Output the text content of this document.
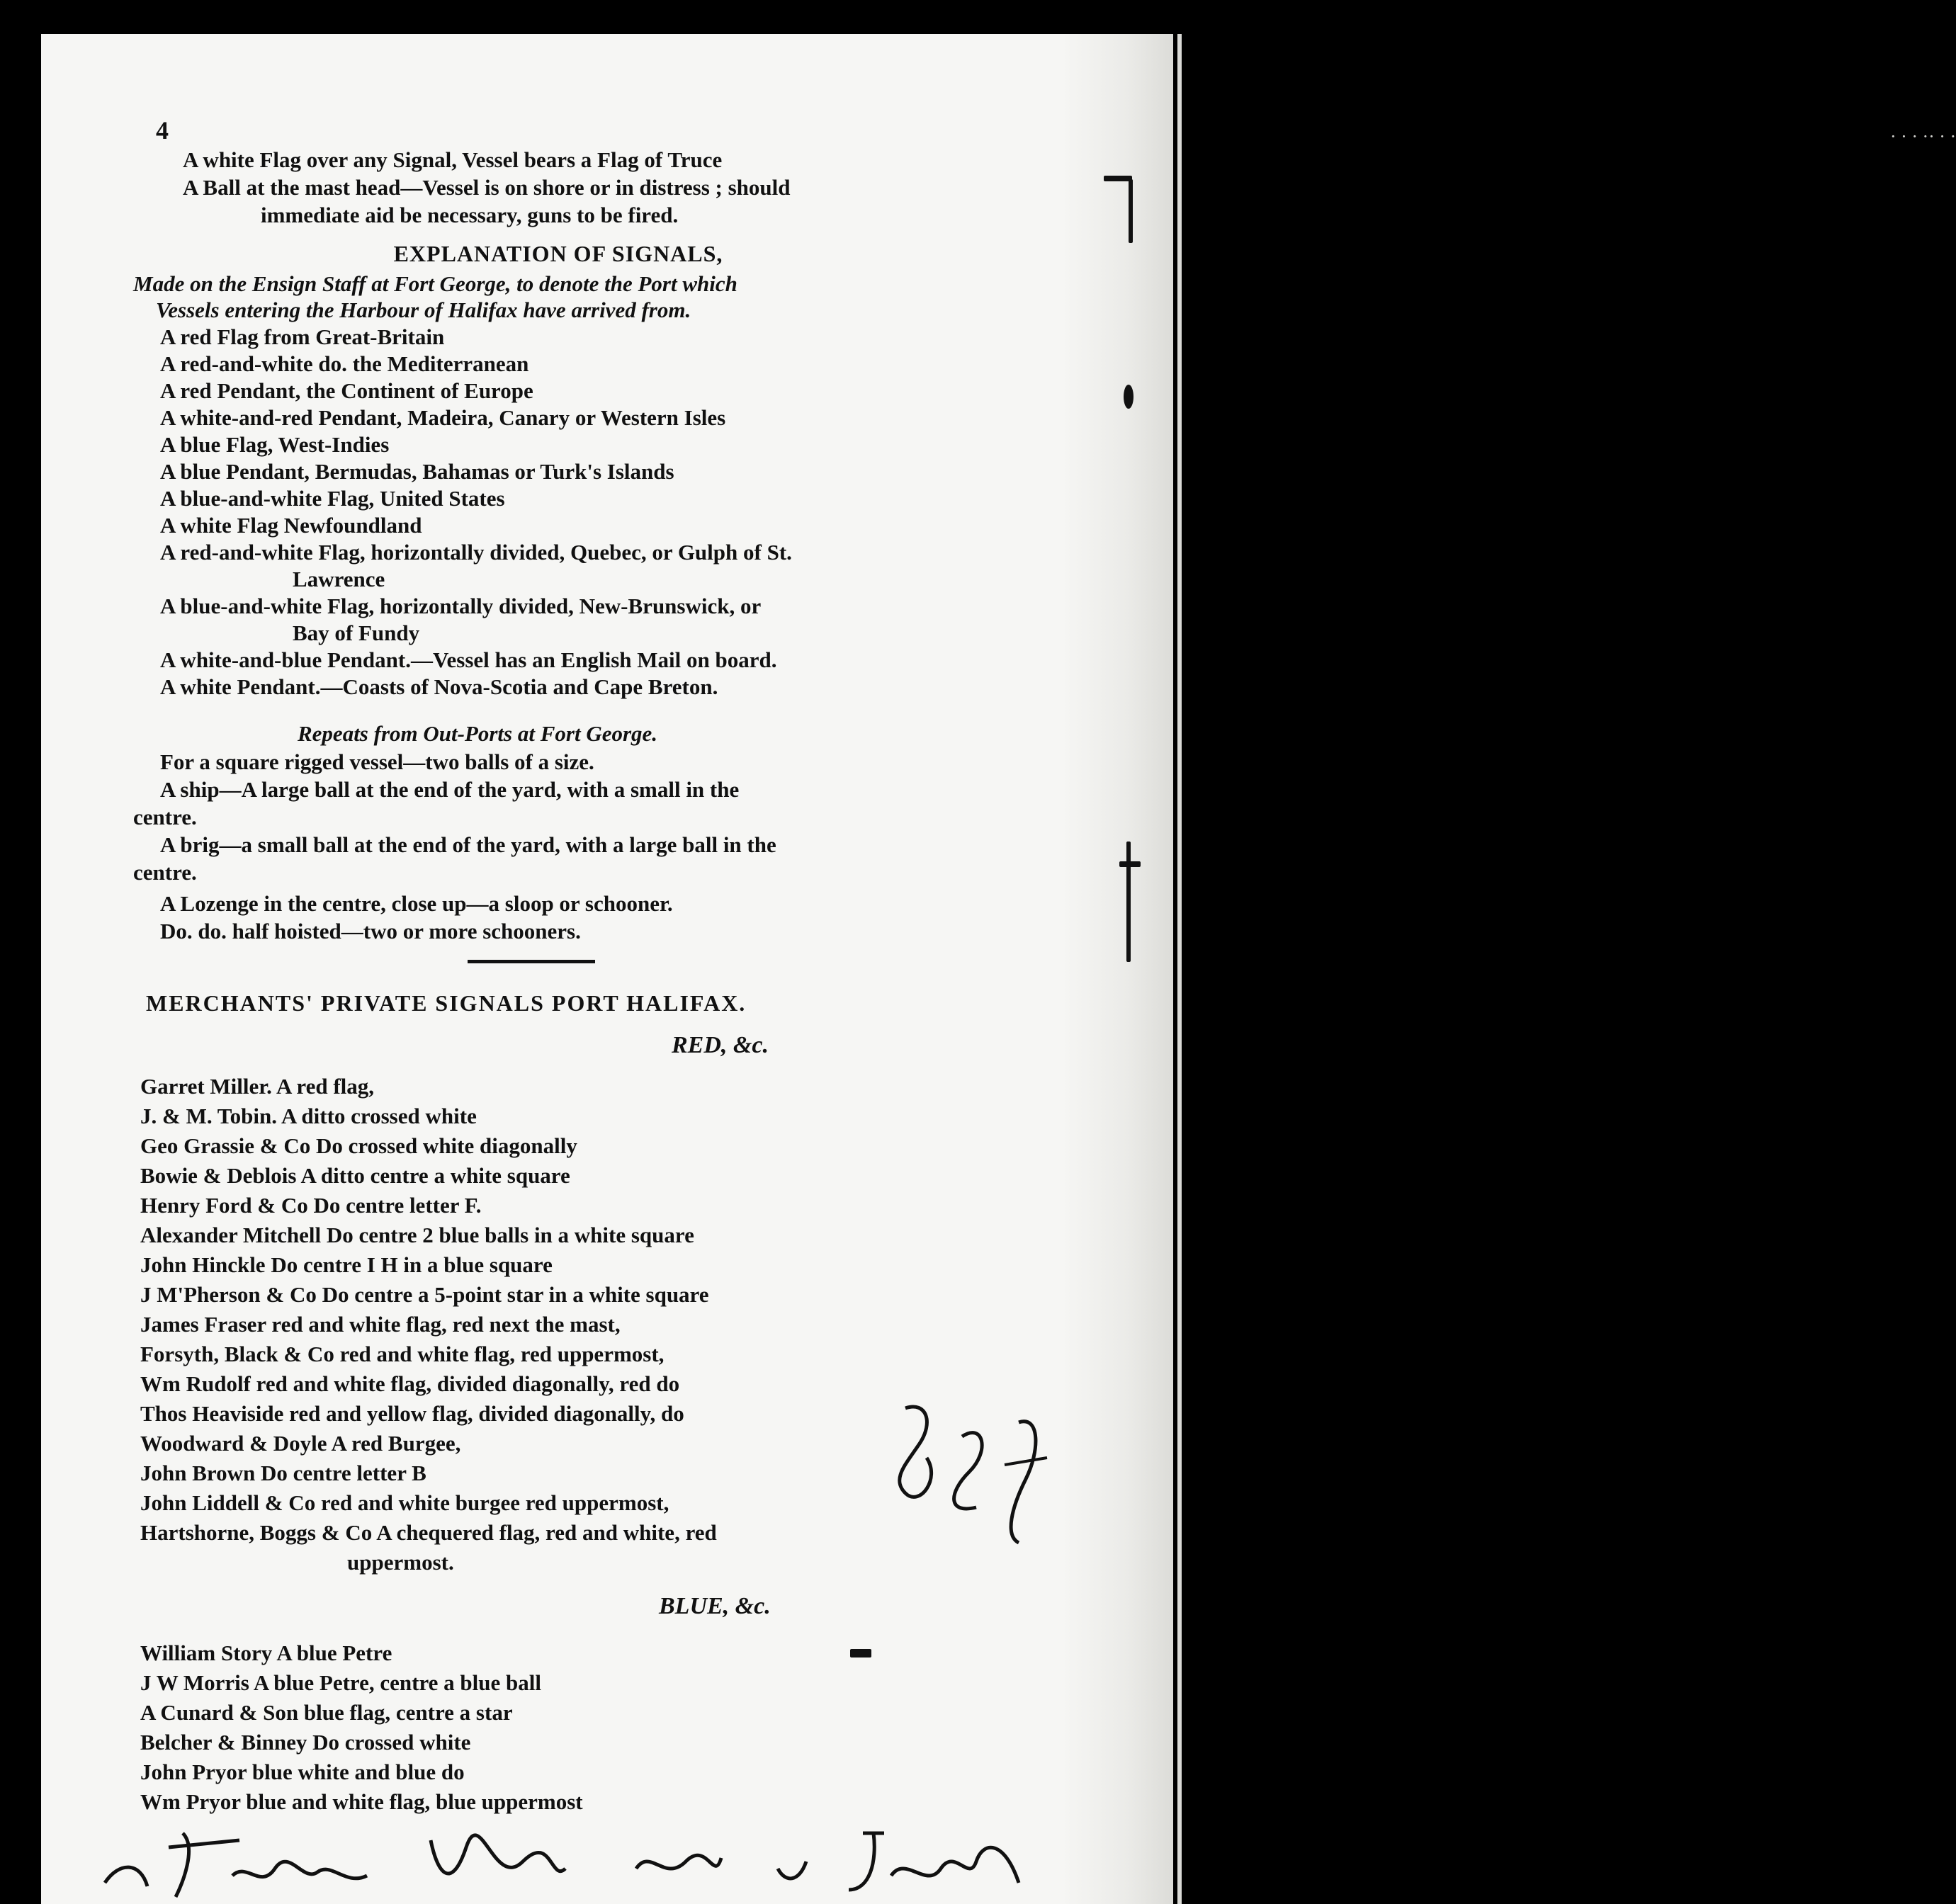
· · · ·· · ·
4
A white Flag over any Signal, Vessel bears a Flag of Truce
A Ball at the mast head—Vessel is on shore or in distress ; should
immediate aid be necessary, guns to be fired.
EXPLANATION OF SIGNALS,
Made on the Ensign Staff at Fort George, to denote the Port which
Vessels entering the Harbour of Halifax have arrived from.
A red Flag from Great-Britain
A red-and-white do. the Mediterranean
A red Pendant, the Continent of Europe
A white-and-red Pendant, Madeira, Canary or Western Isles
A blue Flag, West-Indies
A blue Pendant, Bermudas, Bahamas or Turk's Islands
A blue-and-white Flag, United States
A white Flag Newfoundland
A red-and-white Flag, horizontally divided, Quebec, or Gulph of St.
Lawrence
A blue-and-white Flag, horizontally divided, New-Brunswick, or
Bay of Fundy
A white-and-blue Pendant.—Vessel has an English Mail on board.
A white Pendant.—Coasts of Nova-Scotia and Cape Breton.
Repeats from Out-Ports at Fort George.
For a square rigged vessel—two balls of a size.
A ship—A large ball at the end of the yard, with a small in the
centre.
A brig—a small ball at the end of the yard, with a large ball in the
centre.
A Lozenge in the centre, close up—a sloop or schooner.
Do. do. half hoisted—two or more schooners.
MERCHANTS' PRIVATE SIGNALS PORT HALIFAX.
RED, &c.
Garret Miller. A red flag,
J. & M. Tobin. A ditto crossed white
Geo Grassie & Co Do crossed white diagonally
Bowie & Deblois A ditto centre a white square
Henry Ford & Co Do centre letter F.
Alexander Mitchell Do centre 2 blue balls in a white square
John Hinckle Do centre I H in a blue square
J M'Pherson & Co Do centre a 5-point star in a white square
James Fraser red and white flag, red next the mast,
Forsyth, Black & Co red and white flag, red uppermost,
Wm Rudolf red and white flag, divided diagonally, red do
Thos Heaviside red and yellow flag, divided diagonally, do
Woodward & Doyle A red Burgee,
John Brown Do centre letter B
John Liddell & Co red and white burgee red uppermost,
Hartshorne, Boggs & Co A chequered flag, red and white, red
uppermost.
BLUE, &c.
William Story A blue Petre
J W Morris A blue Petre, centre a blue ball
A Cunard & Son blue flag, centre a star
Belcher & Binney Do crossed white
John Pryor blue white and blue do
Wm Pryor blue and white flag, blue uppermost
